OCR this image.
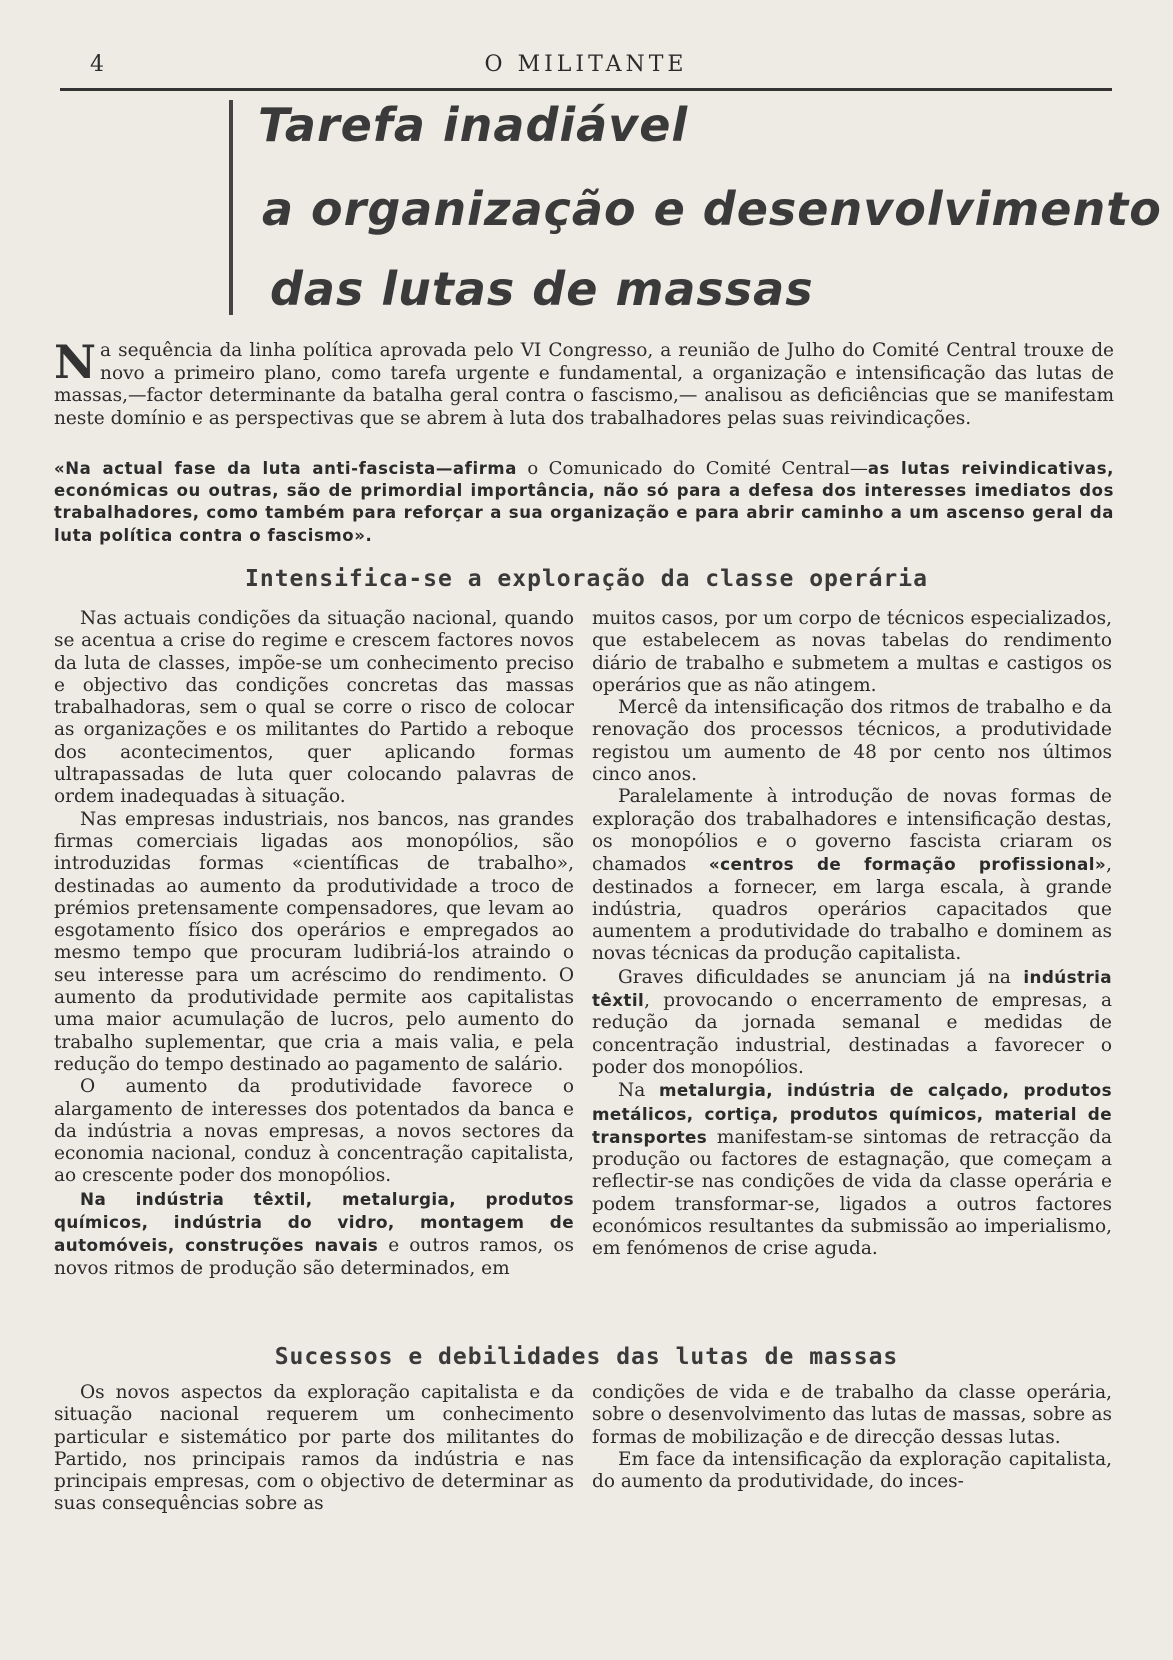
4	O MILITANTE
Tarefa inadiável
a organização e desenvolvimento
das lutas de massas
Na sequência da linha política aprovada pelo VI Congresso, a reunião de Julho do Comité Central trouxe de novo a primeiro plano, como tarefa urgente e fundamental, a organização e intensificação das lutas de massas,—factor determinante da batalha geral contra o fascismo,— analisou as deficiências que se manifestam neste domínio e as perspectivas que se abrem à luta dos trabalhadores pelas suas reivindicações.
«Na actual fase da luta anti-fascista—afirma o Comunicado do Comité Central—as lutas reivindicativas, económicas ou outras, são de primordial importância, não só para a defesa dos interesses imediatos dos trabalhadores, como também para reforçar a sua organização e para abrir caminho a um ascenso geral da luta política contra o fascismo».
Intensifica-se a exploração da classe operária

Nas actuais condições da situação nacional, quando se acentua a crise do regime e crescem factores novos da luta de classes, impõe-se um conhecimento preciso e objectivo das condições concretas das massas trabalhadoras, sem o qual se corre o risco de colocar as organizações e os militantes do Partido a reboque dos acontecimentos, quer aplicando formas ultrapassadas de luta quer colocando palavras de ordem inadequadas à situação.

Nas empresas industriais, nos bancos, nas grandes firmas comerciais ligadas aos monopólios, são introduzidas formas «científicas de trabalho», destinadas ao aumento da produtividade a troco de prémios pretensamente compensadores, que levam ao esgotamento físico dos operários e empregados ao mesmo tempo que procuram ludibriá-los atraindo o seu interesse para um acréscimo do rendimento. O aumento da produtividade permite aos capitalistas uma maior acumulação de lucros, pelo aumento do trabalho suplementar, que cria a mais valia, e pela redução do tempo destinado ao pagamento de salário.

O aumento da produtividade favorece o alargamento de interesses dos potentados da banca e da indústria a novas empresas, a novos sectores da economia nacional, conduz à concentração capitalista, ao crescente poder dos monopólios.

Na indústria têxtil, metalurgia, produtos químicos, indústria do vidro, montagem de automóveis, construções navais e outros ramos, os novos ritmos de produção são determinados, em

muitos casos, por um corpo de técnicos especializados, que estabelecem as novas tabelas do rendimento diário de trabalho e submetem a multas e castigos os operários que as não atingem.

Mercê da intensificação dos ritmos de trabalho e da renovação dos processos técnicos, a produtividade registou um aumento de 48 por cento nos últimos cinco anos.

Paralelamente à introdução de novas formas de exploração dos trabalhadores e intensificação destas, os monopólios e o governo fascista criaram os chamados «centros de formação profissional», destinados a fornecer, em larga escala, à grande indústria, quadros operários capacitados que aumentem a produtividade do trabalho e dominem as novas técnicas da produção capitalista.

Graves dificuldades se anunciam já na indústria têxtil, provocando o encerramento de empresas, a redução da jornada semanal e medidas de concentração industrial, destinadas a favorecer o poder dos monopólios.

Na metalurgia, indústria de calçado, produtos metálicos, cortiça, produtos químicos, material de transportes manifestam-se sintomas de retracção da produção ou factores de estagnação, que começam a reflectir-se nas condições de vida da classe operária e podem transformar-se, ligados a outros factores económicos resultantes da submissão ao imperialismo, em fenómenos de crise aguda.

Sucessos e debilidades das lutas de massas

Os novos aspectos da exploração capitalista e da situação nacional requerem um conhecimento particular e sistemático por parte dos militantes do Partido, nos principais ramos da indústria e nas principais empresas, com o objectivo de determinar as suas consequências sobre as

condições de vida e de trabalho da classe operária, sobre o desenvolvimento das lutas de massas, sobre as formas de mobilização e de direcção dessas lutas.

Em face da intensificação da exploração capitalista, do aumento da produtividade, do inces-
